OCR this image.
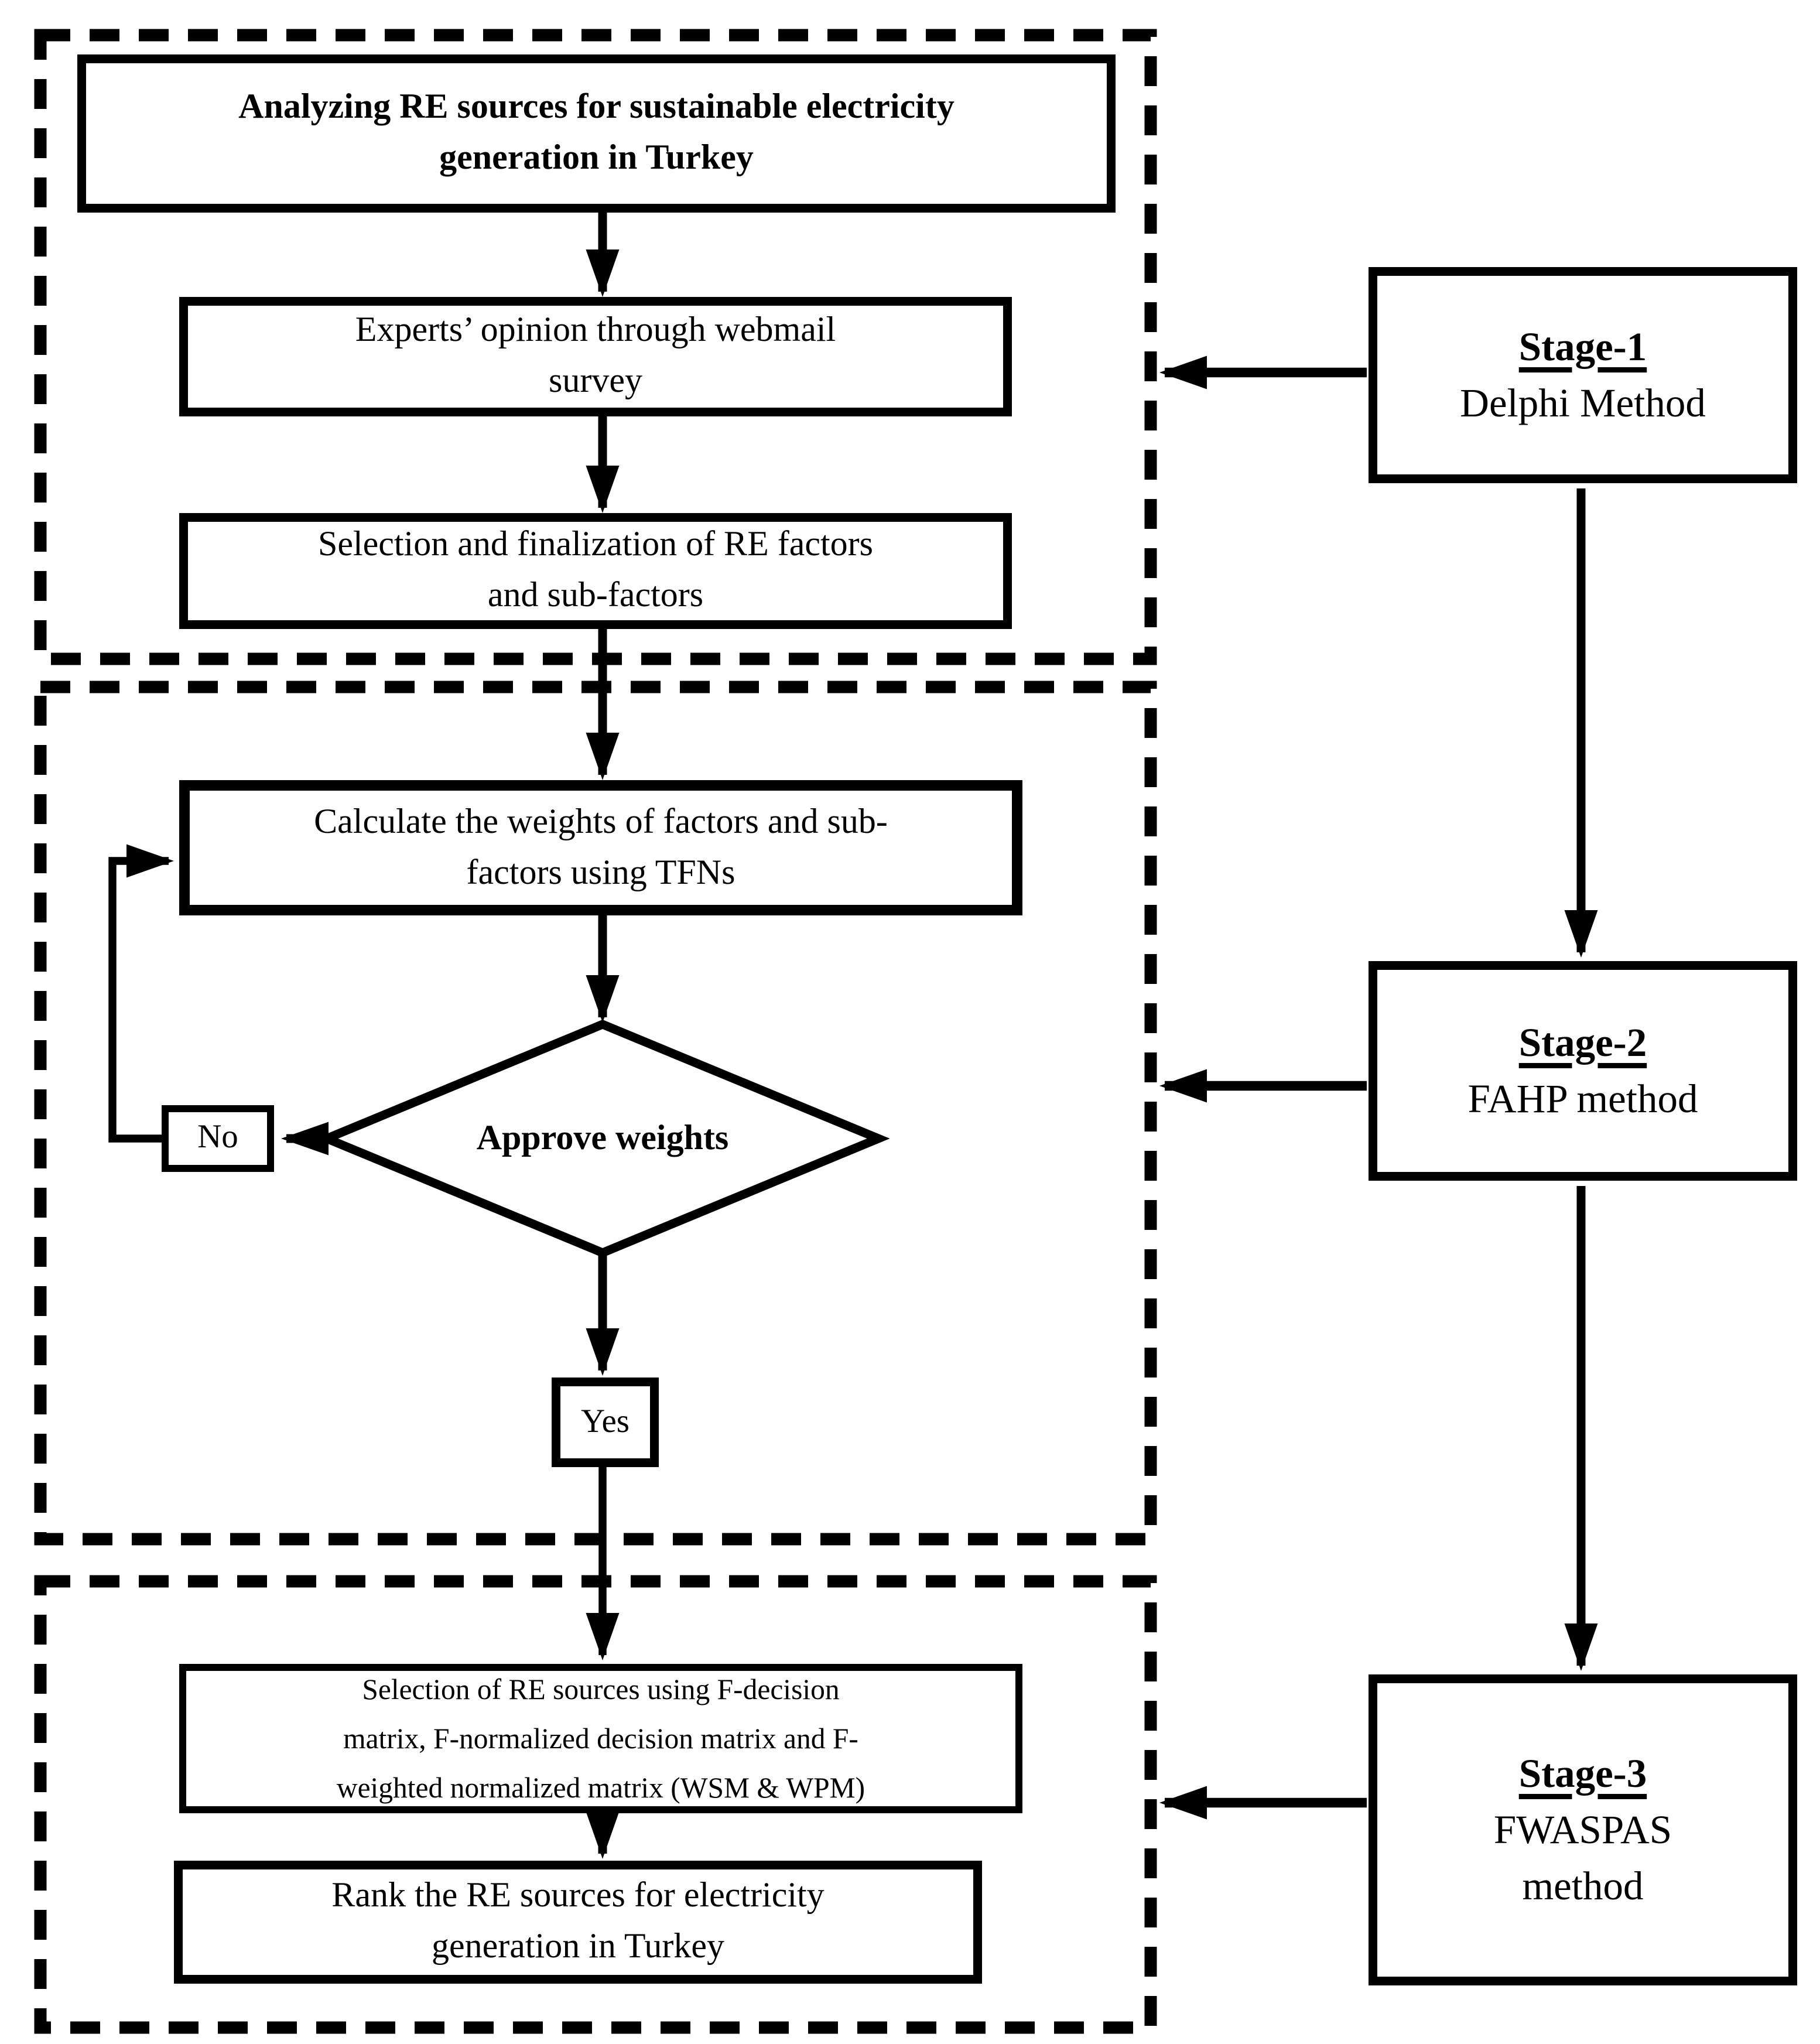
Analyzing RE sources for sustainable electricity
generation in Turkey
Experts’ opinion through webmail
survey
Selection and finalization of RE factors
and sub-factors
Calculate the weights of factors and sub-
factors using TFNs
Approve weights
No
Yes
Selection of RE sources using F-decision
matrix, F-normalized decision matrix and F-
weighted normalized matrix (WSM & WPM)
Rank the RE sources for electricity
generation in Turkey
Stage-1
Delphi Method
Stage-2
FAHP method
Stage-3
FWASPAS
method
